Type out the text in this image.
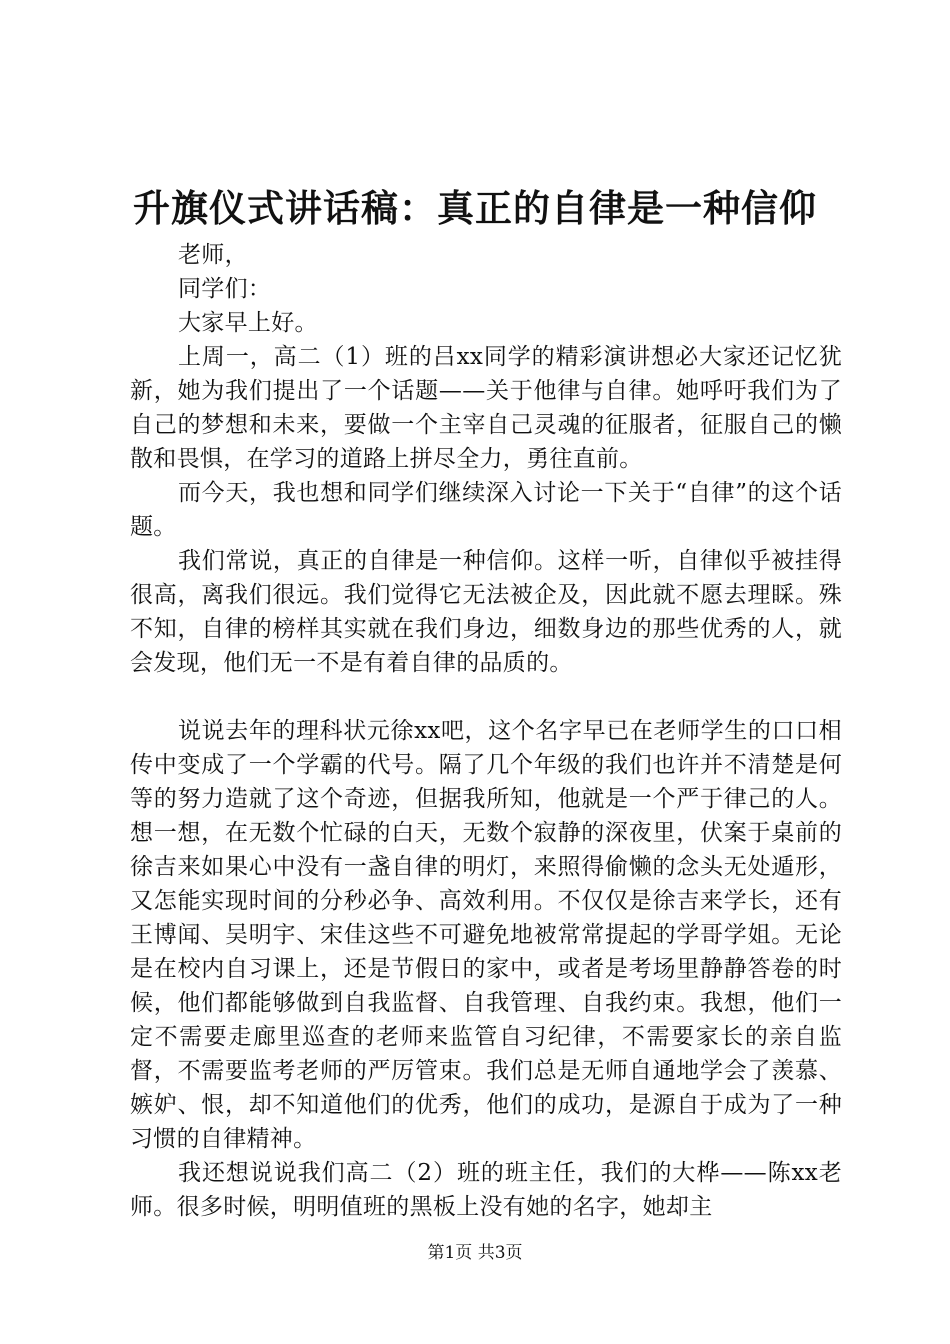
升旗仪式讲话稿：真正的自律是一种信仰

老师，

同学们：

大家早上好。

上周一，高二（1）班的吕xx同学的精彩演讲想必大家还记忆犹新，她为我们提出了一个话题——关于他律与自律。她呼吁我们为了自己的梦想和未来，要做一个主宰自己灵魂的征服者，征服自己的懒散和畏惧，在学习的道路上拼尽全力，勇往直前。

而今天，我也想和同学们继续深入讨论一下关于“自律”的这个话题。

我们常说，真正的自律是一种信仰。这样一听，自律似乎被挂得很高，离我们很远。我们觉得它无法被企及，因此就不愿去理睬。殊不知，自律的榜样其实就在我们身边，细数身边的那些优秀的人，就会发现，他们无一不是有着自律的品质的。

说说去年的理科状元徐xx吧，这个名字早已在老师学生的口口相传中变成了一个学霸的代号。隔了几个年级的我们也许并不清楚是何等的努力造就了这个奇迹，但据我所知，他就是一个严于律己的人。想一想，在无数个忙碌的白天，无数个寂静的深夜里，伏案于桌前的徐吉来如果心中没有一盏自律的明灯，来照得偷懒的念头无处遁形，又怎能实现时间的分秒必争、高效利用。不仅仅是徐吉来学长，还有王博闻、吴明宇、宋佳这些不可避免地被常常提起的学哥学姐。无论是在校内自习课上，还是节假日的家中，或者是考场里静静答卷的时候，他们都能够做到自我监督、自我管理、自我约束。我想，他们一定不需要走廊里巡查的老师来监管自习纪律，不需要家长的亲自监督，不需要监考老师的严厉管束。我们总是无师自通地学会了羡慕、嫉妒、恨，却不知道他们的优秀，他们的成功，是源自于成为了一种习惯的自律精神。

我还想说说我们高二（2）班的班主任，我们的大桦——陈xx老师。很多时候，明明值班的黑板上没有她的名字，她却主

第1页 共3页
